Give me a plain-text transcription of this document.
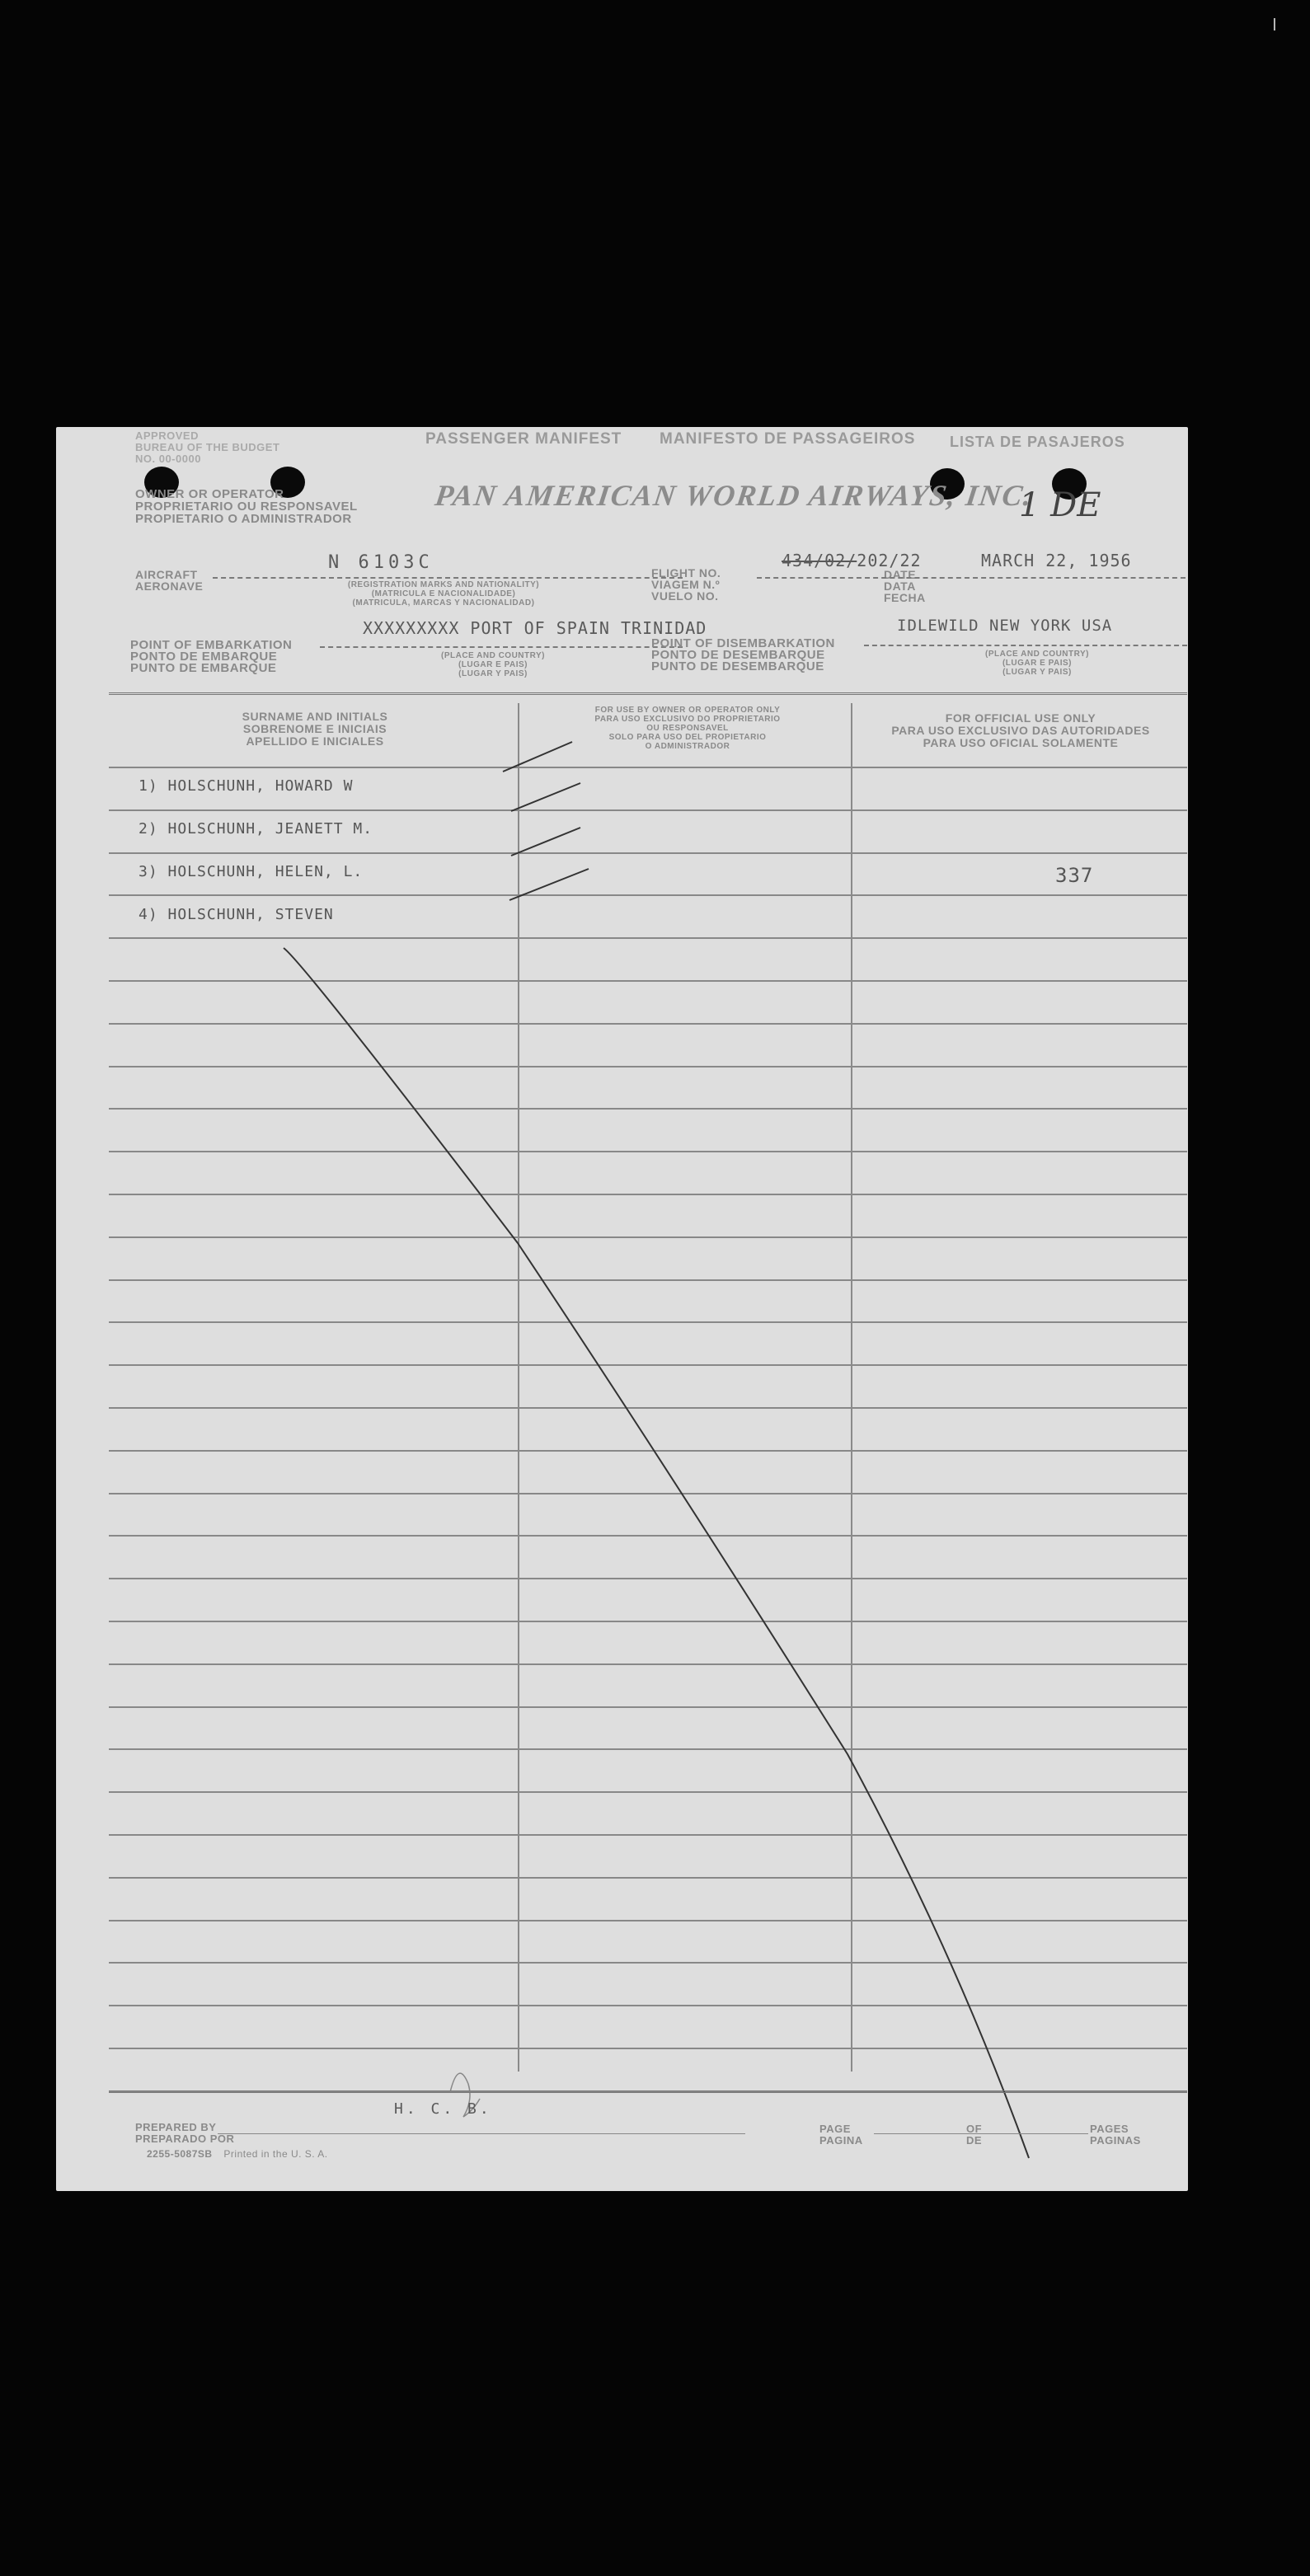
I
PASSENGER MANIFEST MANIFESTO DE PASSAGEIROS LISTA DE PASAJEROS
APPROVED
BUREAU OF THE BUDGET
NO. 00-0000
OWNER OR OPERATOR
PROPRIETARIO OU RESPONSAVEL
PROPIETARIO O ADMINISTRADOR
PAN AMERICAN WORLD AIRWAYS, INC.
1 DE
AIRCRAFT
AERONAVE
N 6103C
(REGISTRATION MARKS AND NATIONALITY)
(MATRICULA E NACIONALIDADE)
(MATRICULA, MARCAS Y NACIONALIDAD)
FLIGHT NO.
VIAGEM N.º
VUELO NO.
434/02/202/22
DATE
DATA
FECHA
MARCH 22, 1956
POINT OF EMBARKATION
PONTO DE EMBARQUE
PUNTO DE EMBARQUE
XXXXXXXXX PORT OF SPAIN TRINIDAD
(PLACE AND COUNTRY)
(LUGAR E PAIS)
(LUGAR Y PAIS)
POINT OF DISEMBARKATION
PONTO DE DESEMBARQUE
PUNTO DE DESEMBARQUE
IDLEWILD NEW YORK USA
(PLACE AND COUNTRY)
(LUGAR E PAIS)
(LUGAR Y PAIS)
SURNAME AND INITIALS
SOBRENOME E INICIAIS
APELLIDO E INICIALES
FOR USE BY OWNER OR OPERATOR ONLY
PARA USO EXCLUSIVO DO PROPRIETARIO
OU RESPONSAVEL
SOLO PARA USO DEL PROPIETARIO
O ADMINISTRADOR
FOR OFFICIAL USE ONLY
PARA USO EXCLUSIVO DAS AUTORIDADES
PARA USO OFICIAL SOLAMENTE
1) HOLSCHUNH, HOWARD W
2) HOLSCHUNH, JEANETT M.
3) HOLSCHUNH, HELEN, L.
4) HOLSCHUNH, STEVEN
337
H. C. B.
PREPARED BY
PREPARADO POR
2255-5087SB Printed in the U. S. A.
PAGE
PAGINA
OF
DE
PAGES
PAGINAS
